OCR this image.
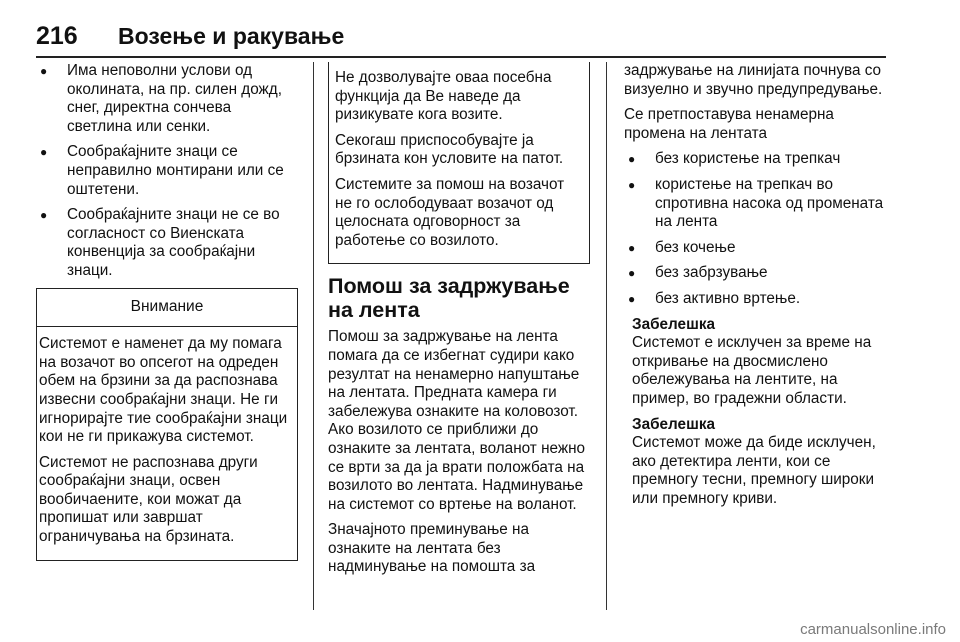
216 Возење и ракување
● Има неповолни услови од околината, на пр. силен дожд, снег, директна сончева светлина или сенки.
● Сообраќајните знаци се неправилно монтирани или се оштетени.
● Сообраќајните знаци не се во согласност со Виенската конвенција за сообраќајни знаци.
Внимание

Системот е наменет да му помага на возачот во опсегот на одреден обем на брзини за да распознава извесни сообраќајни знаци. Не ги игнорирајте тие сообраќајни знаци кои не ги прикажува системот.

Системот не распознава други сообраќајни знаци, освен вообичаените, кои можат да пропишат или завршат ограничувања на брзината.

Не дозволувајте оваа посебна функција да Ве наведе да ризикувате кога возите.

Секогаш приспособувајте ја брзината кон условите на патот.

Системите за помош на возачот не го ослободуваат возачот од целосната одговорност за работење со возилото.

Помош за задржување на лента

Помош за задржување на лента помага да се избегнат судири како резултат на ненамерно напуштање на лентата. Предната камера ги забележува ознаките на коловозот. Ако возилото се приближи до ознаките за лентата, воланот нежно се врти за да ја врати положбата на возилото во лентата. Надминување на системот со вртење на воланот.

Значајното преминување на ознаките на лентата без надминување на помошта за

задржување на линијата почнува со визуелно и звучно предупредување.

Се претпоставува ненамерна промена на лентата

● без користење на трепкач
● користење на трепкач во спротивна насока од промената на лента
● без кочење
● без забрзување
● без активно вртење.
Забелешка

Системот е исклучен за време на откривање на двосмислено обележувања на лентите, на пример, во градежни области.

Забелешка

Системот може да биде исклучен, ако детектира ленти, кои се премногу тесни, премногу широки или премногу криви.

carmanualsonline.info
